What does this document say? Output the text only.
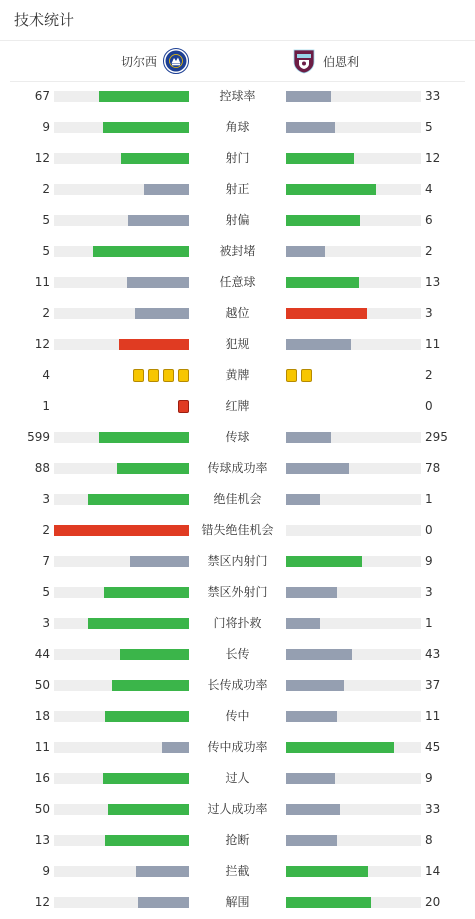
技术统计
切尔西	伯恩利
67	控球率	33
9	角球	5
12	射门	12
2	射正	4
5	射偏	6
5	被封堵	2
11	任意球	13
2	越位	3
12	犯规	11
4	黄牌	2
1	红牌	0
599	传球	295
88	传球成功率	78
3	绝佳机会	1
2	错失绝佳机会	0
7	禁区内射门	9
5	禁区外射门	3
3	门将扑救	1
44	长传	43
50	长传成功率	37
18	传中	11
11	传中成功率	45
16	过人	9
50	过人成功率	33
13	抢断	8
9	拦截	14
12	解围	20
